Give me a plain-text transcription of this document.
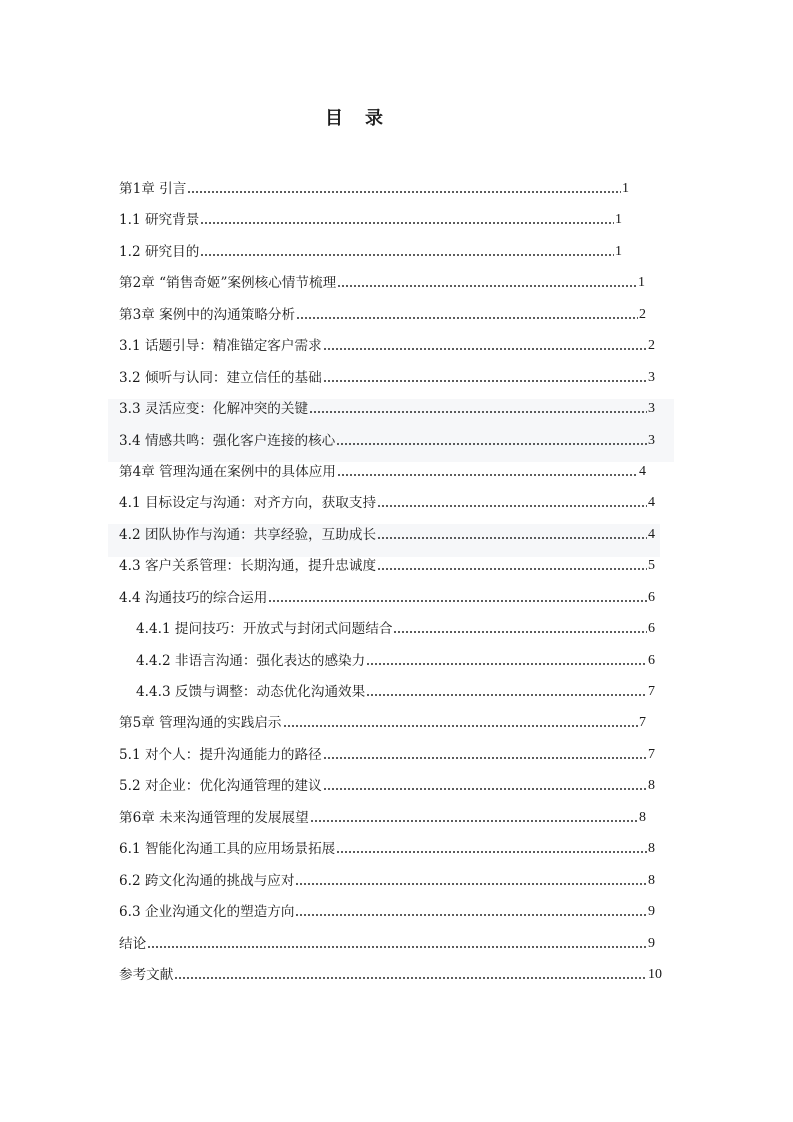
目 录
第1章 引言	1
1.1 研究背景	1
1.2 研究目的	1
第2章 “销售奇姬”案例核心情节梳理	1
第3章 案例中的沟通策略分析	2
3.1 话题引导：精准锚定客户需求	2
3.2 倾听与认同：建立信任的基础	3
3.3 灵活应变：化解冲突的关键	3
3.4 情感共鸣：强化客户连接的核心	3
第4章 管理沟通在案例中的具体应用	4
4.1 目标设定与沟通：对齐方向，获取支持	4
4.2 团队协作与沟通：共享经验，互助成长	4
4.3 客户关系管理：长期沟通，提升忠诚度	5
4.4 沟通技巧的综合运用	6
4.4.1 提问技巧：开放式与封闭式问题结合	6
4.4.2 非语言沟通：强化表达的感染力	6
4.4.3 反馈与调整：动态优化沟通效果	7
第5章 管理沟通的实践启示	7
5.1 对个人：提升沟通能力的路径	7
5.2 对企业：优化沟通管理的建议	8
第6章 未来沟通管理的发展展望	8
6.1 智能化沟通工具的应用场景拓展	8
6.2 跨文化沟通的挑战与应对	8
6.3 企业沟通文化的塑造方向	9
结论	9
参考文献	10
